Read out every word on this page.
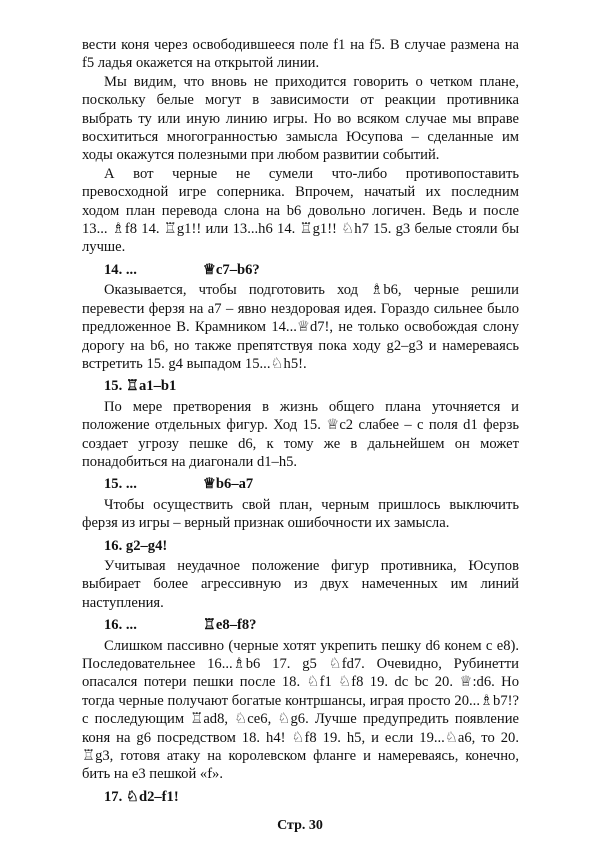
вести коня через освободившееся поле f1 на f5. В случае размена на f5 ладья окажется на открытой линии.

Мы видим, что вновь не приходится говорить о четком плане, поскольку белые могут в зависимости от реакции противника выбрать ту или иную линию игры. Но во всяком случае мы вправе восхититься многогранностью замысла Юсупова – сделанные им ходы окажутся полезными при любом развитии событий.

А вот черные не сумели что-либо противопоставить превосходной игре соперника. Впрочем, начатый их последним ходом план перевода слона на b6 довольно логичен. Ведь и после 13... ♗f8 14. ♖g1!! или 13...h6 14. ♖g1!! ♘h7 15. g3 белые стояли бы лучше.

14. ...	♕c7–b6?

Оказывается, чтобы подготовить ход ♗b6, черные решили перевести ферзя на а7 – явно нездоровая идея. Гораздо сильнее было предложенное В. Крамником 14...♕d7!, не только освобождая слону дорогу на b6, но также препятствуя пока ходу g2–g3 и намереваясь встретить 15. g4 выпадом 15...♘h5!.

15. ♖a1–b1

По мере претворения в жизнь общего плана уточняется и положение отдельных фигур. Ход 15. ♕c2 слабее – с поля d1 ферзь создает угрозу пешке d6, к тому же в дальнейшем он может понадобиться на диагонали d1–h5.

15. ...	♕b6–a7

Чтобы осуществить свой план, черным пришлось выключить ферзя из игры – верный признак ошибочности их замысла.

16. g2–g4!

Учитывая неудачное положение фигур противника, Юсупов выбирает более агрессивную из двух намеченных им линий наступления.

16. ...	♖e8–f8?

Слишком пассивно (черные хотят укрепить пешку d6 конем с е8). Последовательнее 16...♗b6 17. g5 ♘fd7. Очевидно, Рубинетти опасался потери пешки после 18. ♘f1 ♘f8 19. dc bc 20. ♕:d6. Но тогда черные получают богатые контршансы, играя просто 20...♗b7!? с последующим ♖ad8, ♘ce6, ♘g6. Лучше предупредить появление коня на g6 посредством 18. h4! ♘f8 19. h5, и если 19...♘a6, то 20. ♖g3, готовя атаку на королевском фланге и намереваясь, конечно, бить на е3 пешкой «f».

17. ♘d2–f1!
Стр. 30
